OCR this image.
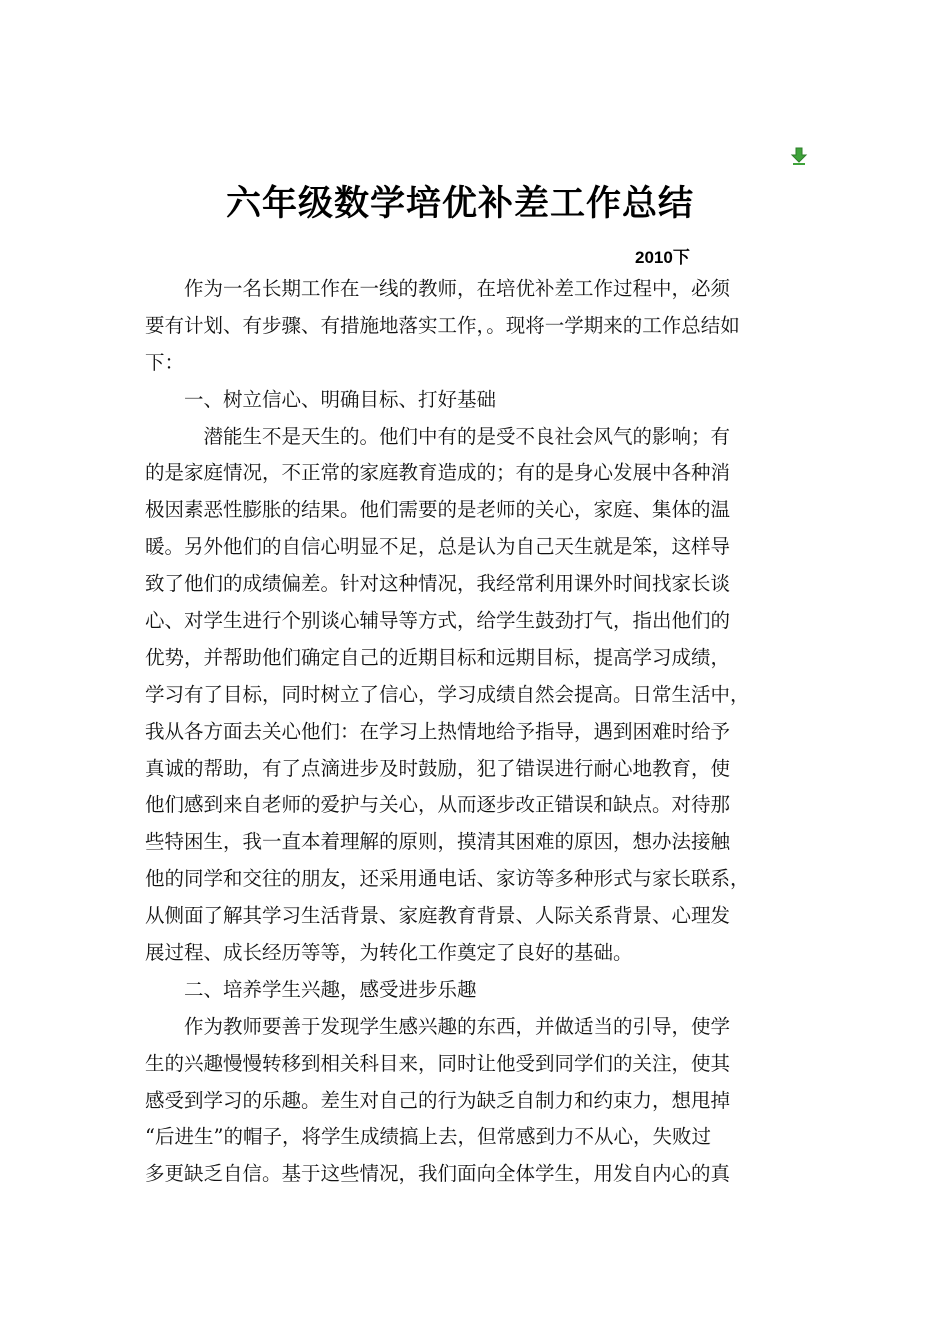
六年级数学培优补差工作总结
2010下
　　作为一名长期工作在一线的教师，在培优补差工作过程中，必须
要有计划、有步骤、有措施地落实工作，。现将一学期来的工作总结如
下：
　　一、树立信心、明确目标、打好基础
　　　潜能生不是天生的。他们中有的是受不良社会风气的影响；有
的是家庭情况，不正常的家庭教育造成的；有的是身心发展中各种消
极因素恶性膨胀的结果。他们需要的是老师的关心，家庭、集体的温
暖。另外他们的自信心明显不足，总是认为自己天生就是笨，这样导
致了他们的成绩偏差。针对这种情况，我经常利用课外时间找家长谈
心、对学生进行个别谈心辅导等方式，给学生鼓劲打气，指出他们的
优势，并帮助他们确定自己的近期目标和远期目标，提高学习成绩，
学习有了目标，同时树立了信心，学习成绩自然会提高。日常生活中，
我从各方面去关心他们：在学习上热情地给予指导，遇到困难时给予
真诚的帮助，有了点滴进步及时鼓励，犯了错误进行耐心地教育，使
他们感到来自老师的爱护与关心，从而逐步改正错误和缺点。对待那
些特困生，我一直本着理解的原则，摸清其困难的原因，想办法接触
他的同学和交往的朋友，还采用通电话、家访等多种形式与家长联系，
从侧面了解其学习生活背景、家庭教育背景、人际关系背景、心理发
展过程、成长经历等等，为转化工作奠定了良好的基础。
　　二、培养学生兴趣，感受进步乐趣
　　作为教师要善于发现学生感兴趣的东西，并做适当的引导，使学
生的兴趣慢慢转移到相关科目来，同时让他受到同学们的关注，使其
感受到学习的乐趣。差生对自己的行为缺乏自制力和约束力，想甩掉
“后进生”的帽子，将学生成绩搞上去，但常感到力不从心，失败过
多更缺乏自信。基于这些情况，我们面向全体学生，用发自内心的真
